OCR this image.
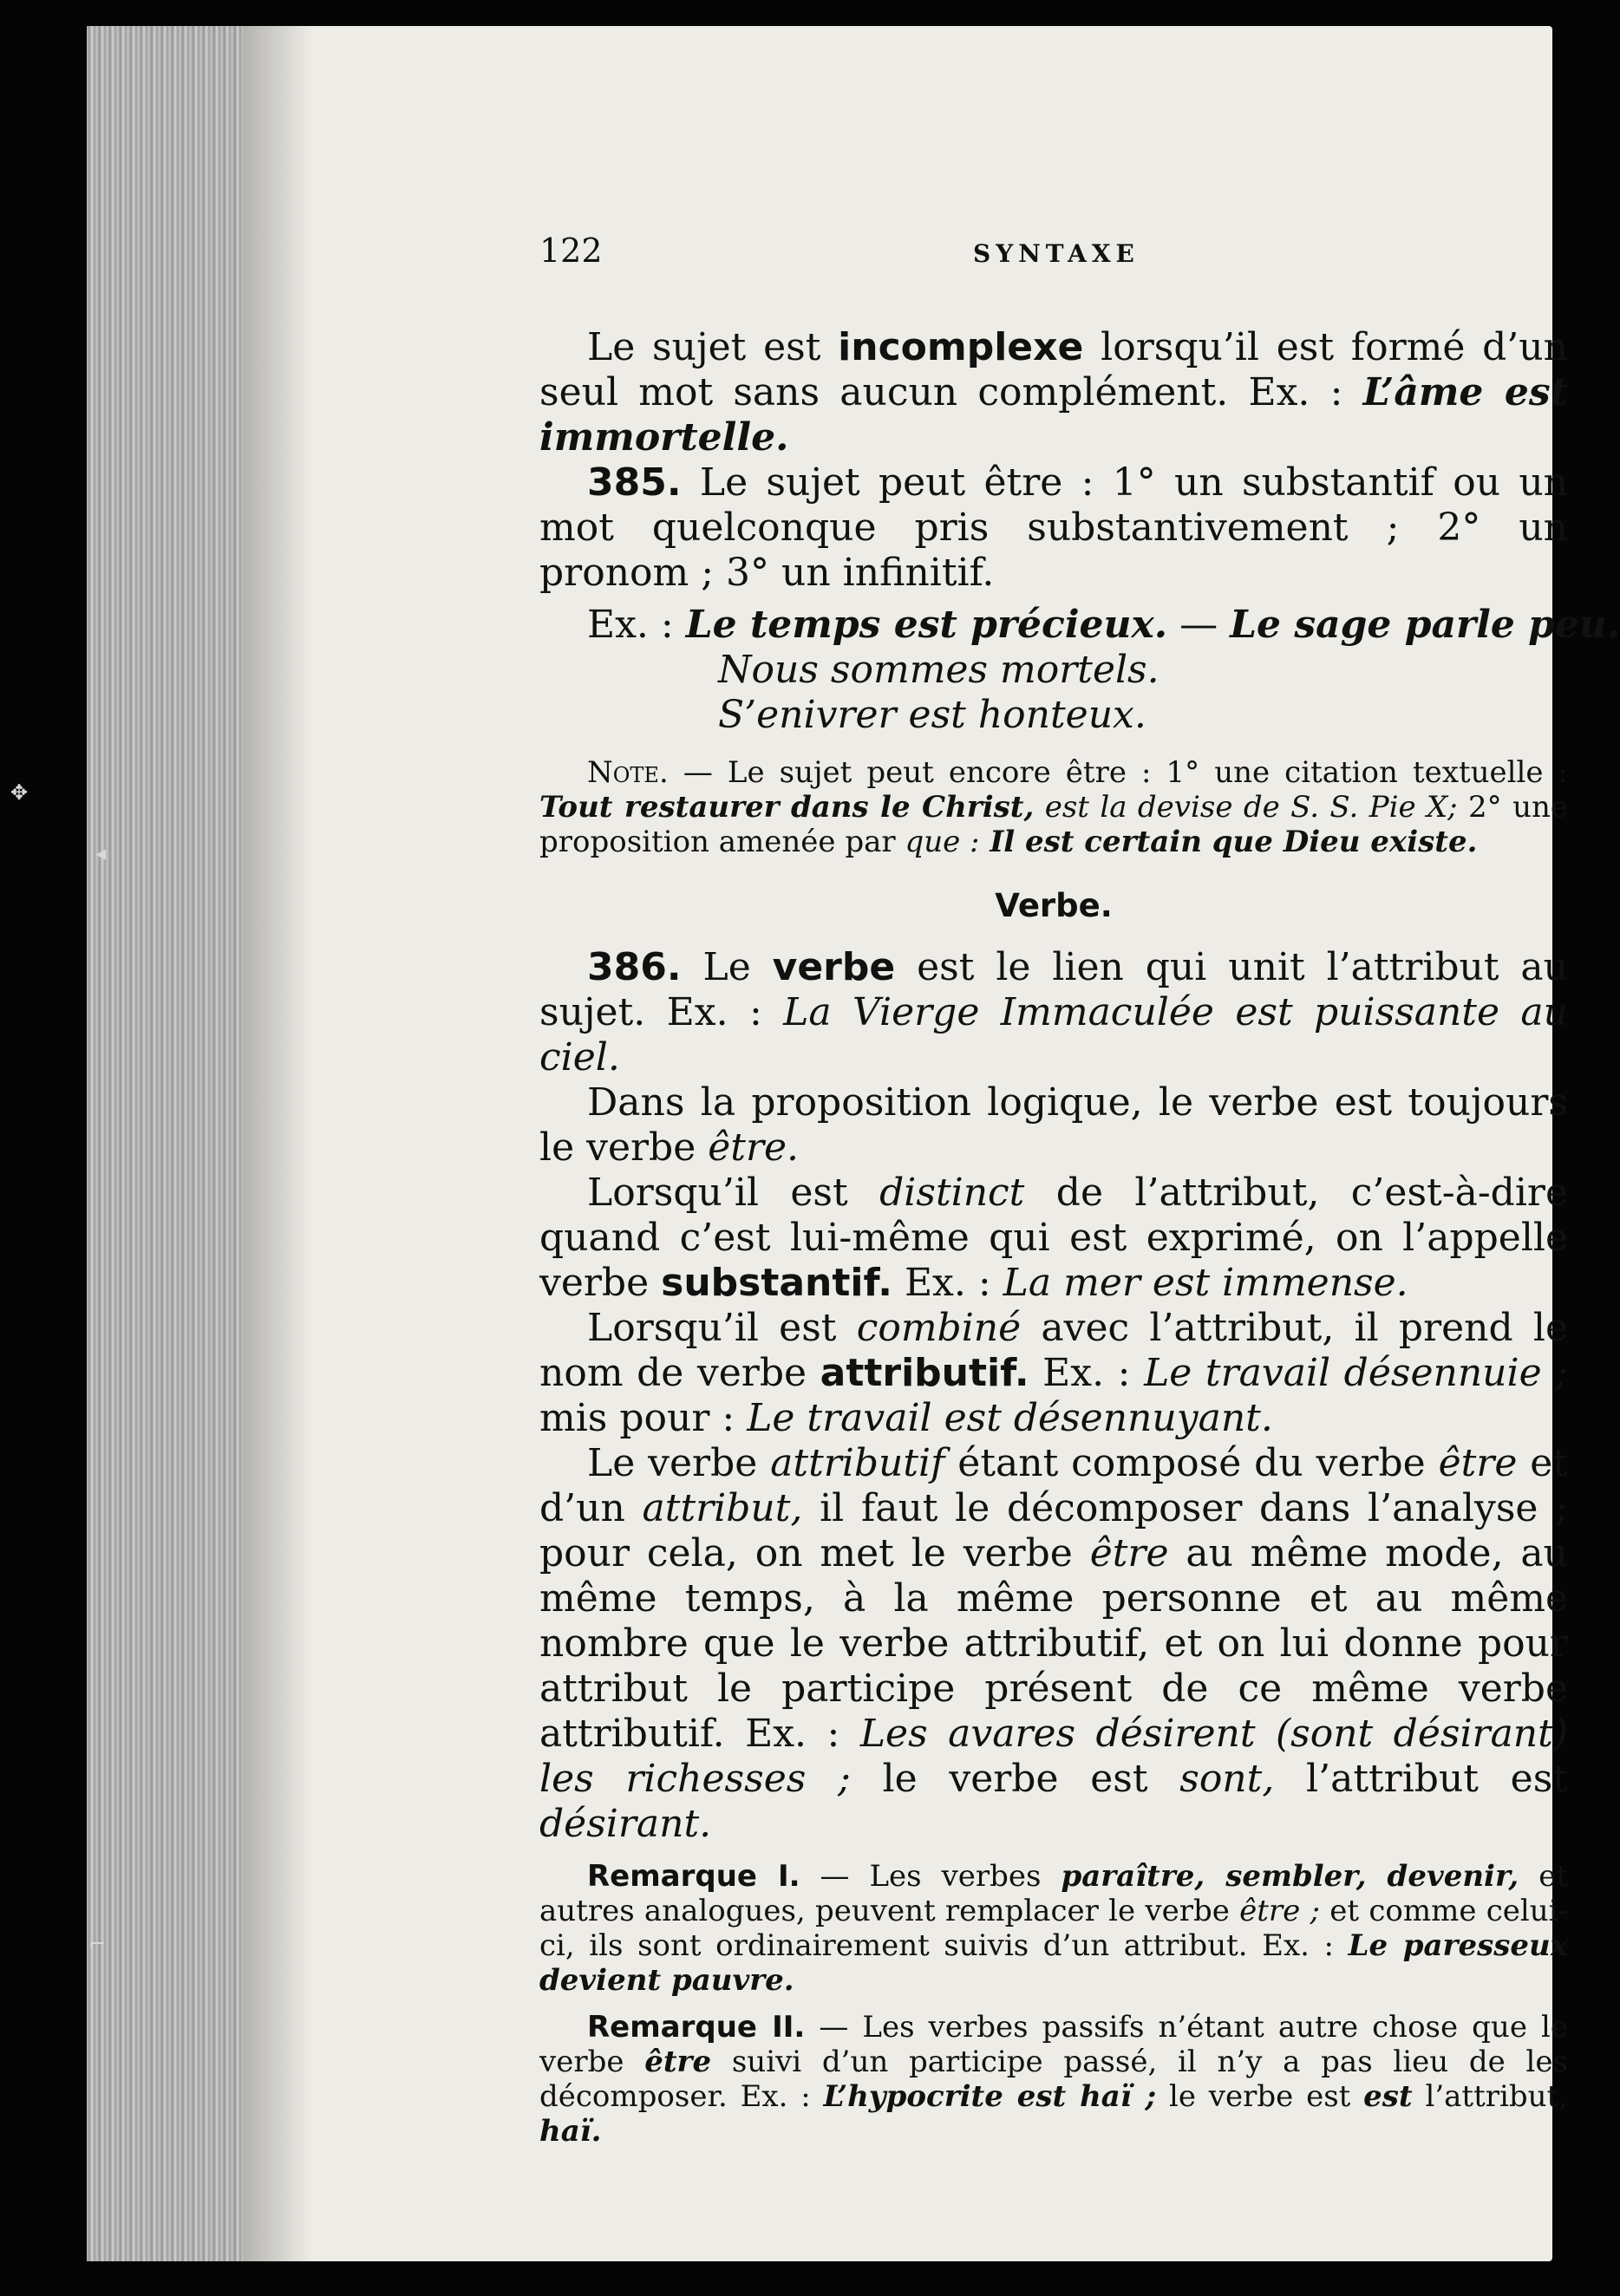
122	SYNTAXE

Le sujet est incomplexe lorsqu’il est formé d’un seul mot sans aucun complément. Ex. : L’âme est immortelle.

385. Le sujet peut être : 1° un substantif ou un mot quelconque pris substantivement ; 2° un pronom ; 3° un infinitif.

Ex. : Le temps est précieux. — Le sage parle peu.
Nous sommes mortels.
S’enivrer est honteux.

Note. — Le sujet peut encore être : 1° une citation textuelle : Tout restaurer dans le Christ, est la devise de S. S. Pie X; 2° une proposition amenée par que : Il est certain que Dieu existe.

Verbe.

386. Le verbe est le lien qui unit l’attribut au sujet. Ex. : La Vierge Immaculée est puissante au ciel.

Dans la proposition logique, le verbe est toujours le verbe être.

Lorsqu’il est distinct de l’attribut, c’est-à-dire quand c’est lui-même qui est exprimé, on l’appelle verbe substantif. Ex. : La mer est immense.

Lorsqu’il est combiné avec l’attribut, il prend le nom de verbe attributif. Ex. : Le travail désennuie ; mis pour : Le travail est désennuyant.

Le verbe attributif étant composé du verbe être et d’un attribut, il faut le décomposer dans l’analyse ; pour cela, on met le verbe être au même mode, au même temps, à la même personne et au même nombre que le verbe attributif, et on lui donne pour attribut le participe présent de ce même verbe attributif. Ex. : Les avares désirent (sont désirant) les richesses ; le verbe est sont, l’attribut est désirant.

Remarque I. — Les verbes paraître, sembler, devenir, et autres analogues, peuvent remplacer le verbe être ; et comme celui-ci, ils sont ordinairement suivis d’un attribut. Ex. : Le paresseux devient pauvre.

Remarque II. — Les verbes passifs n’étant autre chose que le verbe être suivi d’un participe passé, il n’y a pas lieu de les décomposer. Ex. : L’hypocrite est haï ; le verbe est est l’attribut, haï.

✥
◂
⌐
